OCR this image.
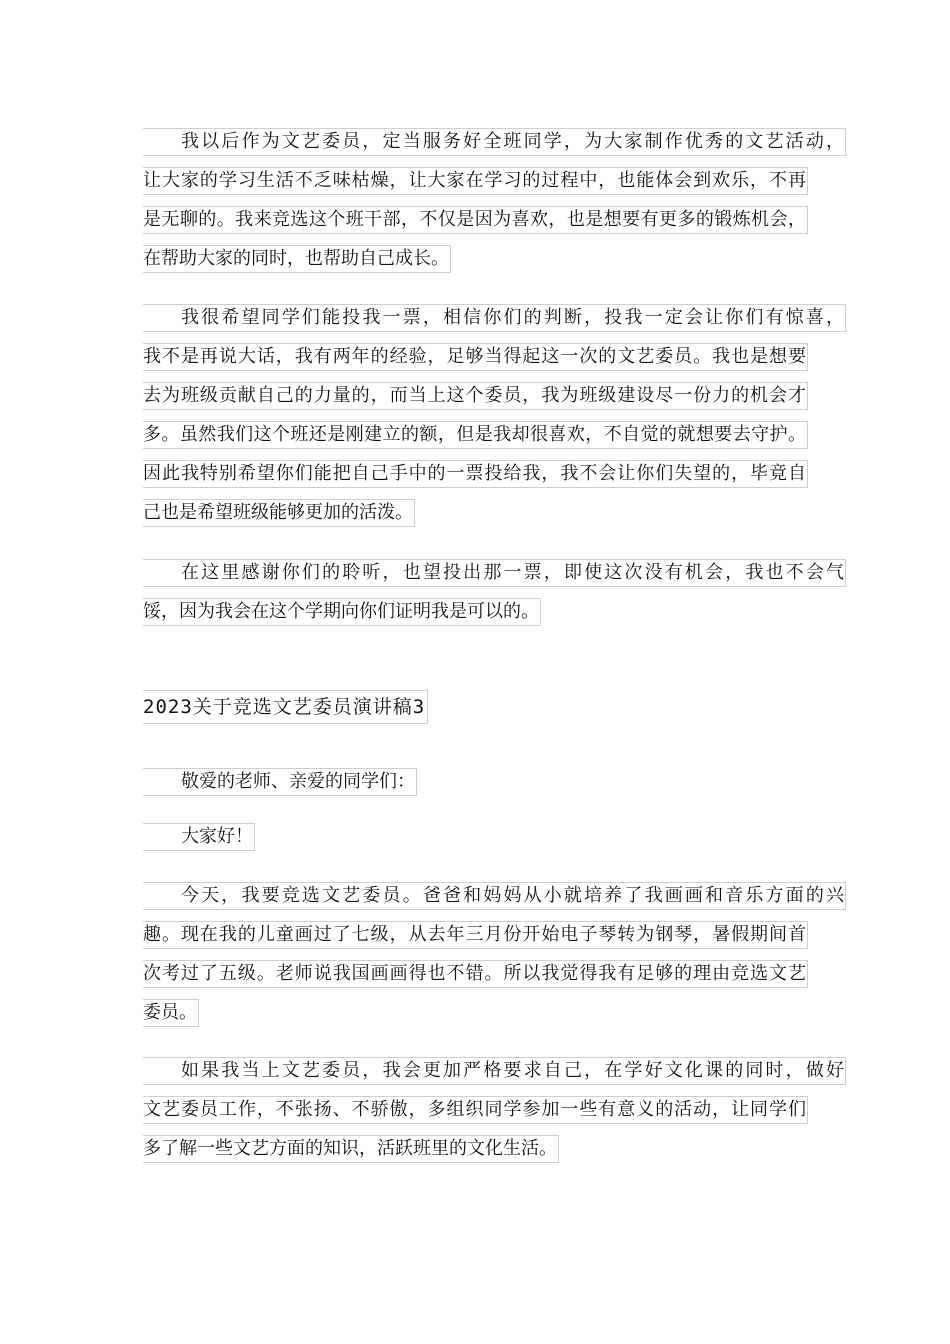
我以后作为文艺委员，定当服务好全班同学，为大家制作优秀的文艺活动，
让大家的学习生活不乏味枯燥，让大家在学习的过程中，也能体会到欢乐，不再
是无聊的。我来竞选这个班干部，不仅是因为喜欢，也是想要有更多的锻炼机会，
在帮助大家的同时，也帮助自己成长。
我很希望同学们能投我一票，相信你们的判断，投我一定会让你们有惊喜，
我不是再说大话，我有两年的经验，足够当得起这一次的文艺委员。我也是想要
去为班级贡献自己的力量的，而当上这个委员，我为班级建设尽一份力的机会才
多。虽然我们这个班还是刚建立的额，但是我却很喜欢，不自觉的就想要去守护。
因此我特别希望你们能把自己手中的一票投给我，我不会让你们失望的，毕竟自
己也是希望班级能够更加的活泼。
在这里感谢你们的聆听，也望投出那一票，即使这次没有机会，我也不会气
馁，因为我会在这个学期向你们证明我是可以的。
2023关于竞选文艺委员演讲稿3
敬爱的老师、亲爱的同学们：
大家好！
今天，我要竞选文艺委员。爸爸和妈妈从小就培养了我画画和音乐方面的兴
趣。现在我的儿童画过了七级，从去年三月份开始电子琴转为钢琴，暑假期间首
次考过了五级。老师说我国画画得也不错。所以我觉得我有足够的理由竞选文艺
委员。
如果我当上文艺委员，我会更加严格要求自己，在学好文化课的同时，做好
文艺委员工作，不张扬、不骄傲，多组织同学参加一些有意义的活动，让同学们
多了解一些文艺方面的知识，活跃班里的文化生活。
